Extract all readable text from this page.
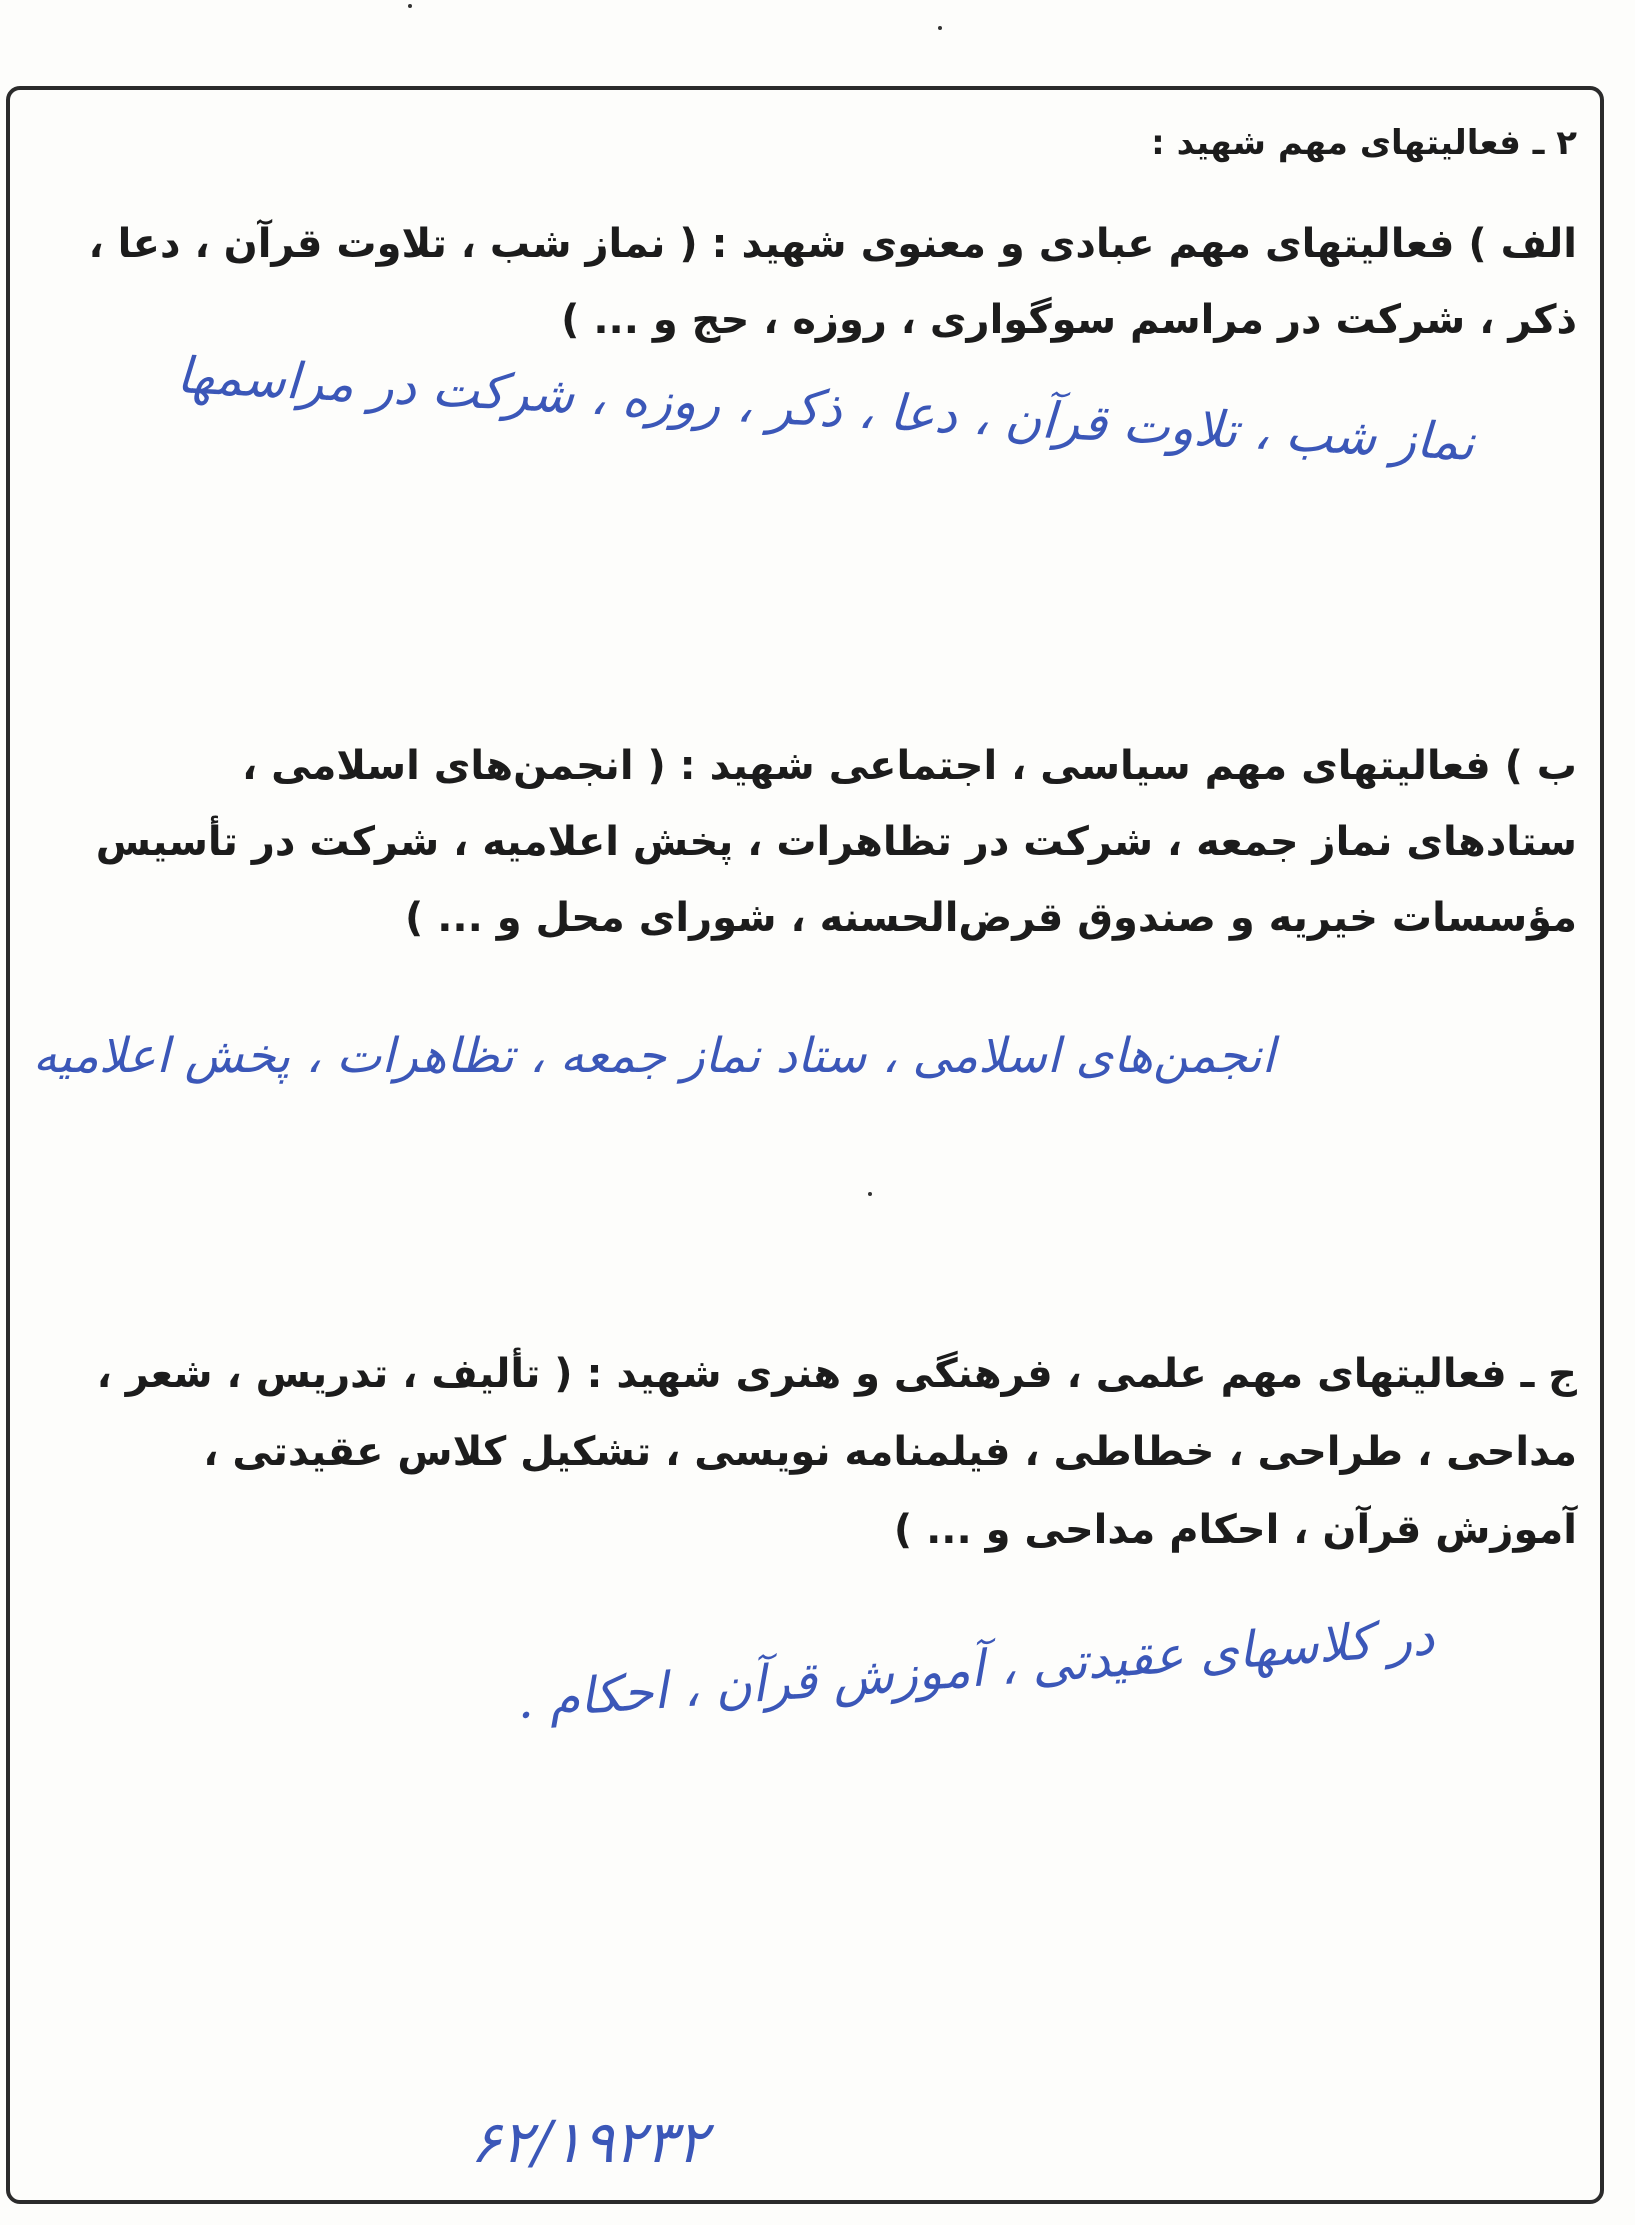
۲ ـ فعالیتهای مهم شهید :

الف ) فعالیتهای مهم عبادی و معنوی شهید : ( نماز شب ، تلاوت قرآن ، دعا ،

ذکر ، شرکت در مراسم سوگواری ، روزه ، حج و ... )

نماز شب ، تلاوت قرآن ، دعا ، ذکر ، روزه ، شرکت در مراسمها

ب ) فعالیتهای مهم سیاسی ، اجتماعی شهید : ( انجمن‌های اسلامی ،

ستادهای نماز جمعه ، شرکت در تظاهرات ، پخش اعلامیه ، شرکت در تأسیس

مؤسسات خیریه و صندوق قرض‌الحسنه ، شورای محل و ... )

انجمن‌های اسلامی ، ستاد نماز جمعه ، تظاهرات ، پخش اعلامیه

ج ـ فعالیتهای مهم علمی ، فرهنگی و هنری شهید : ( تألیف ، تدریس ، شعر ،

مداحی ، طراحی ، خطاطی ، فیلمنامه نویسی ، تشکیل کلاس عقیدتی ،

آموزش قرآن ، احکام مداحی و ... )

در کلاسهای عقیدتی ، آموزش قرآن ، احکام .

۶۲/۱۹۲۳۲
